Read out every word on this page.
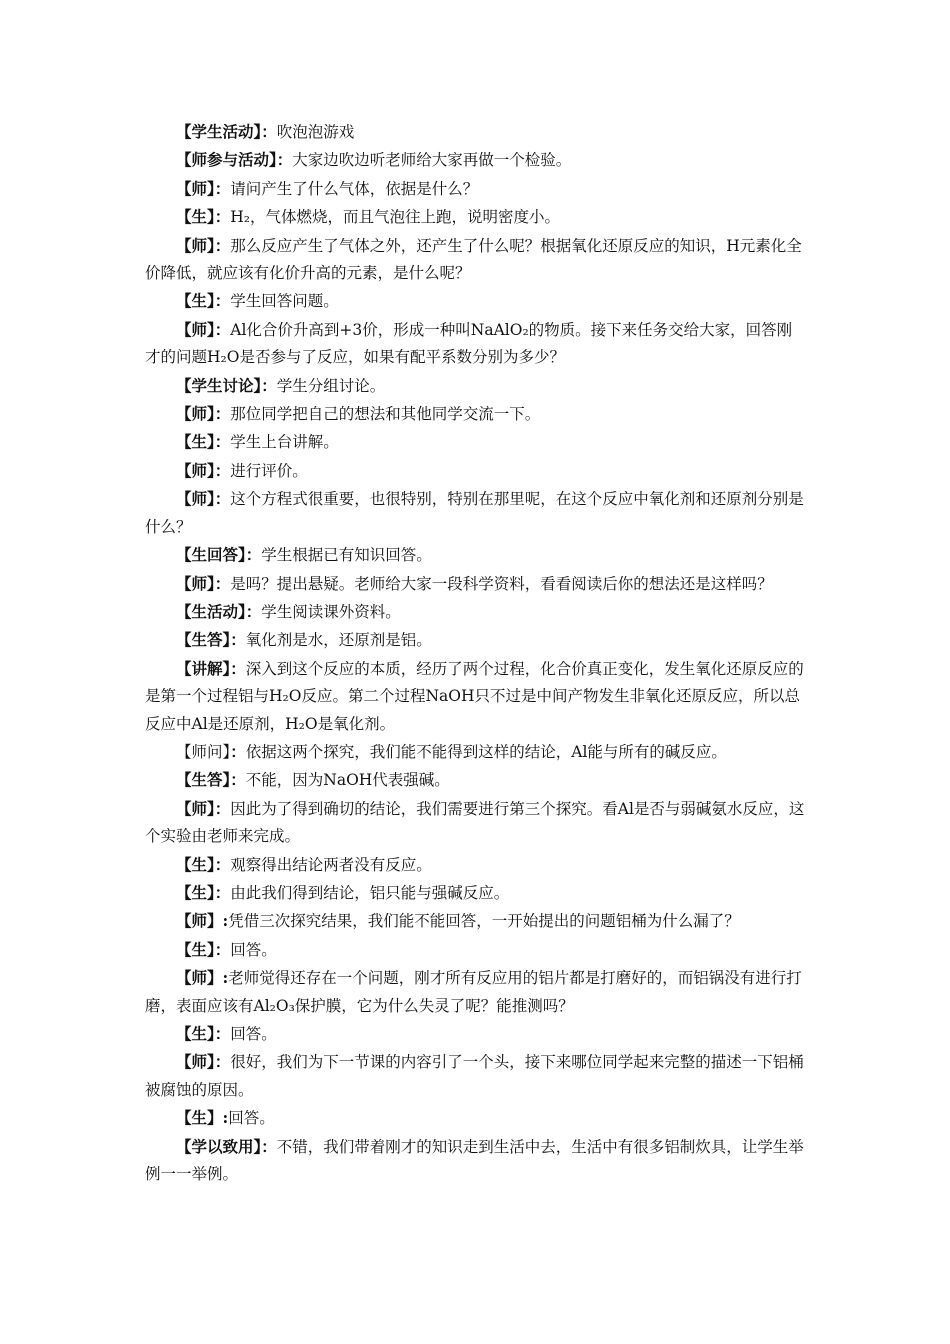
【学生活动】：吹泡泡游戏

【师参与活动】：大家边吹边听老师给大家再做一个检验。

【师】：请问产生了什么气体，依据是什么？

【生】：H₂，气体燃烧，而且气泡往上跑，说明密度小。

【师】：那么反应产生了气体之外，还产生了什么呢？根据氧化还原反应的知识，H元素化全价降低，就应该有化价升高的元素，是什么呢？

【生】：学生回答问题。

【师】：Al化合价升高到+3价，形成一种叫NaAlO₂的物质。接下来任务交给大家，回答刚才的问题H₂O是否参与了反应，如果有配平系数分别为多少？

【学生讨论】：学生分组讨论。

【师】：那位同学把自己的想法和其他同学交流一下。

【生】：学生上台讲解。

【师】：进行评价。

【师】：这个方程式很重要，也很特别，特别在那里呢，在这个反应中氧化剂和还原剂分别是什么？

【生回答】：学生根据已有知识回答。

【师】：是吗？提出悬疑。老师给大家一段科学资料，看看阅读后你的想法还是这样吗？

【生活动】：学生阅读课外资料。

【生答】：氧化剂是水，还原剂是铝。

【讲解】：深入到这个反应的本质，经历了两个过程，化合价真正变化，发生氧化还原反应的是第一个过程铝与H₂O反应。第二个过程NaOH只不过是中间产物发生非氧化还原反应，所以总反应中Al是还原剂，H₂O是氧化剂。

【师问】：依据这两个探究，我们能不能得到这样的结论，Al能与所有的碱反应。

【生答】：不能，因为NaOH代表强碱。

【师】：因此为了得到确切的结论，我们需要进行第三个探究。看Al是否与弱碱氨水反应，这个实验由老师来完成。

【生】：观察得出结论两者没有反应。

【生】：由此我们得到结论，铝只能与强碱反应。

【师】:凭借三次探究结果，我们能不能回答，一开始提出的问题铝桶为什么漏了？

【生】：回答。

【师】:老师觉得还存在一个问题，刚才所有反应用的铝片都是打磨好的，而铝锅没有进行打磨，表面应该有Al₂O₃保护膜，它为什么失灵了呢？能推测吗？

【生】：回答。

【师】：很好，我们为下一节课的内容引了一个头，接下来哪位同学起来完整的描述一下铝桶被腐蚀的原因。

【生】:回答。

【学以致用】：不错，我们带着刚才的知识走到生活中去，生活中有很多铝制炊具，让学生举例一一举例。
